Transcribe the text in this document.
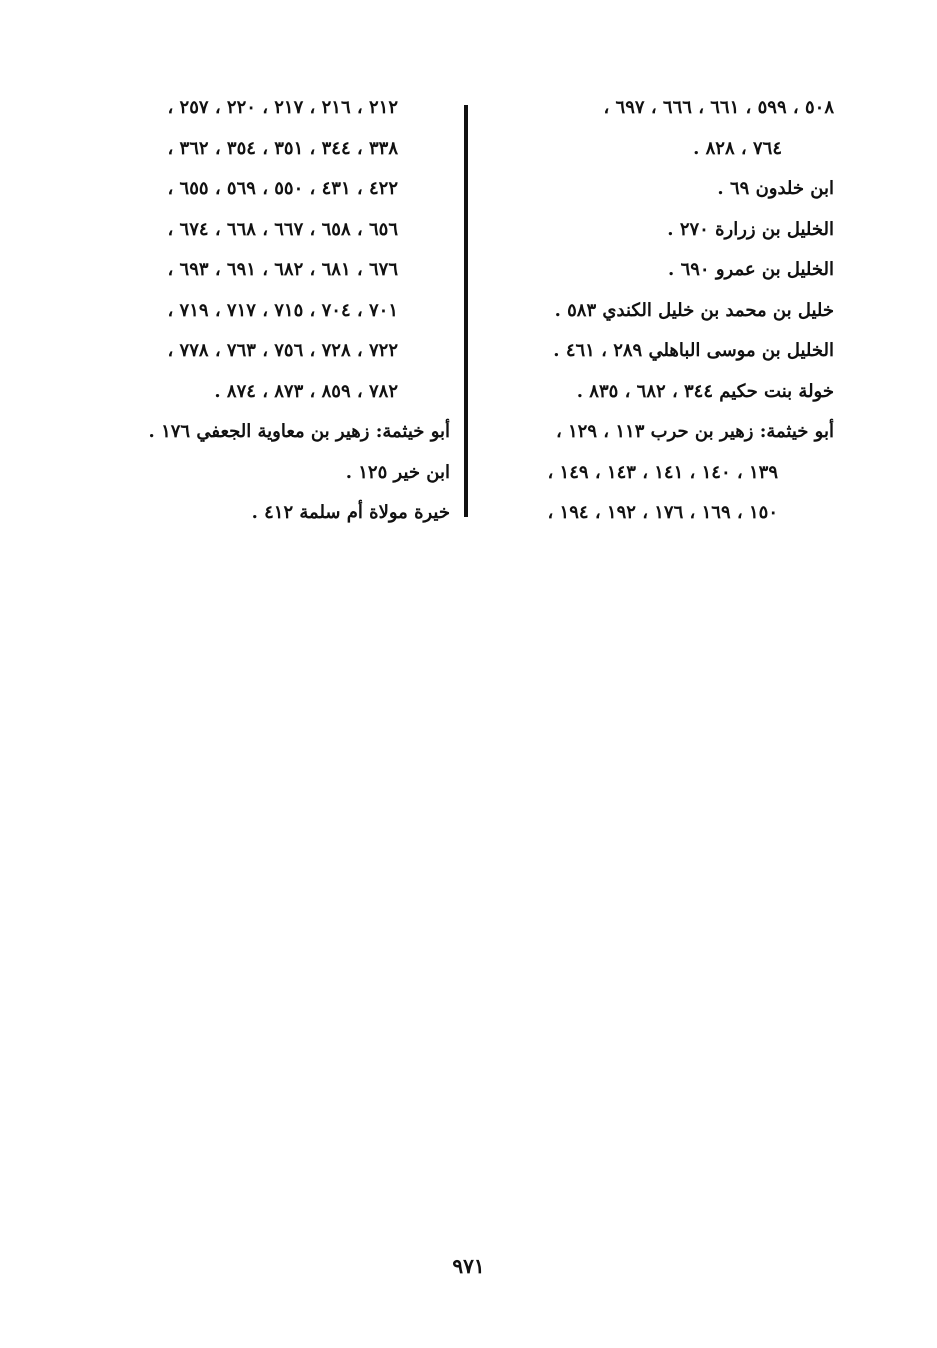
٥٠٨ ، ٥٩٩ ، ٦٦١ ، ٦٦٦ ، ٦٩٧ ،
٧٦٤ ، ٨٢٨ .
ابن خلدون ٦٩ .
الخليل بن زرارة ٢٧٠ .
الخليل بن عمرو ٦٩٠ .
خليل بن محمد بن خليل الكندي ٥٨٣ .
الخليل بن موسى الباهلي ٢٨٩ ، ٤٦١ .
خولة بنت حكيم ٣٤٤ ، ٦٨٢ ، ٨٣٥ .
أبو خيثمة: زهير بن حرب ١١٣ ، ١٢٩ ،
١٣٩ ، ١٤٠ ، ١٤١ ، ١٤٣ ، ١٤٩ ،
١٥٠ ، ١٦٩ ، ١٧٦ ، ١٩٢ ، ١٩٤ ،
٢١٢ ، ٢١٦ ، ٢١٧ ، ٢٢٠ ، ٢٥٧ ،
٣٣٨ ، ٣٤٤ ، ٣٥١ ، ٣٥٤ ، ٣٦٢ ،
٤٢٢ ، ٤٣١ ، ٥٥٠ ، ٥٦٩ ، ٦٥٥ ،
٦٥٦ ، ٦٥٨ ، ٦٦٧ ، ٦٦٨ ، ٦٧٤ ،
٦٧٦ ، ٦٨١ ، ٦٨٢ ، ٦٩١ ، ٦٩٣ ،
٧٠١ ، ٧٠٤ ، ٧١٥ ، ٧١٧ ، ٧١٩ ،
٧٢٢ ، ٧٢٨ ، ٧٥٦ ، ٧٦٣ ، ٧٧٨ ،
٧٨٢ ، ٨٥٩ ، ٨٧٣ ، ٨٧٤ .
أبو خيثمة: زهير بن معاوية الجعفي ١٧٦ .
ابن خير ١٢٥ .
خيرة مولاة أم سلمة ٤١٢ .
٩٧١
